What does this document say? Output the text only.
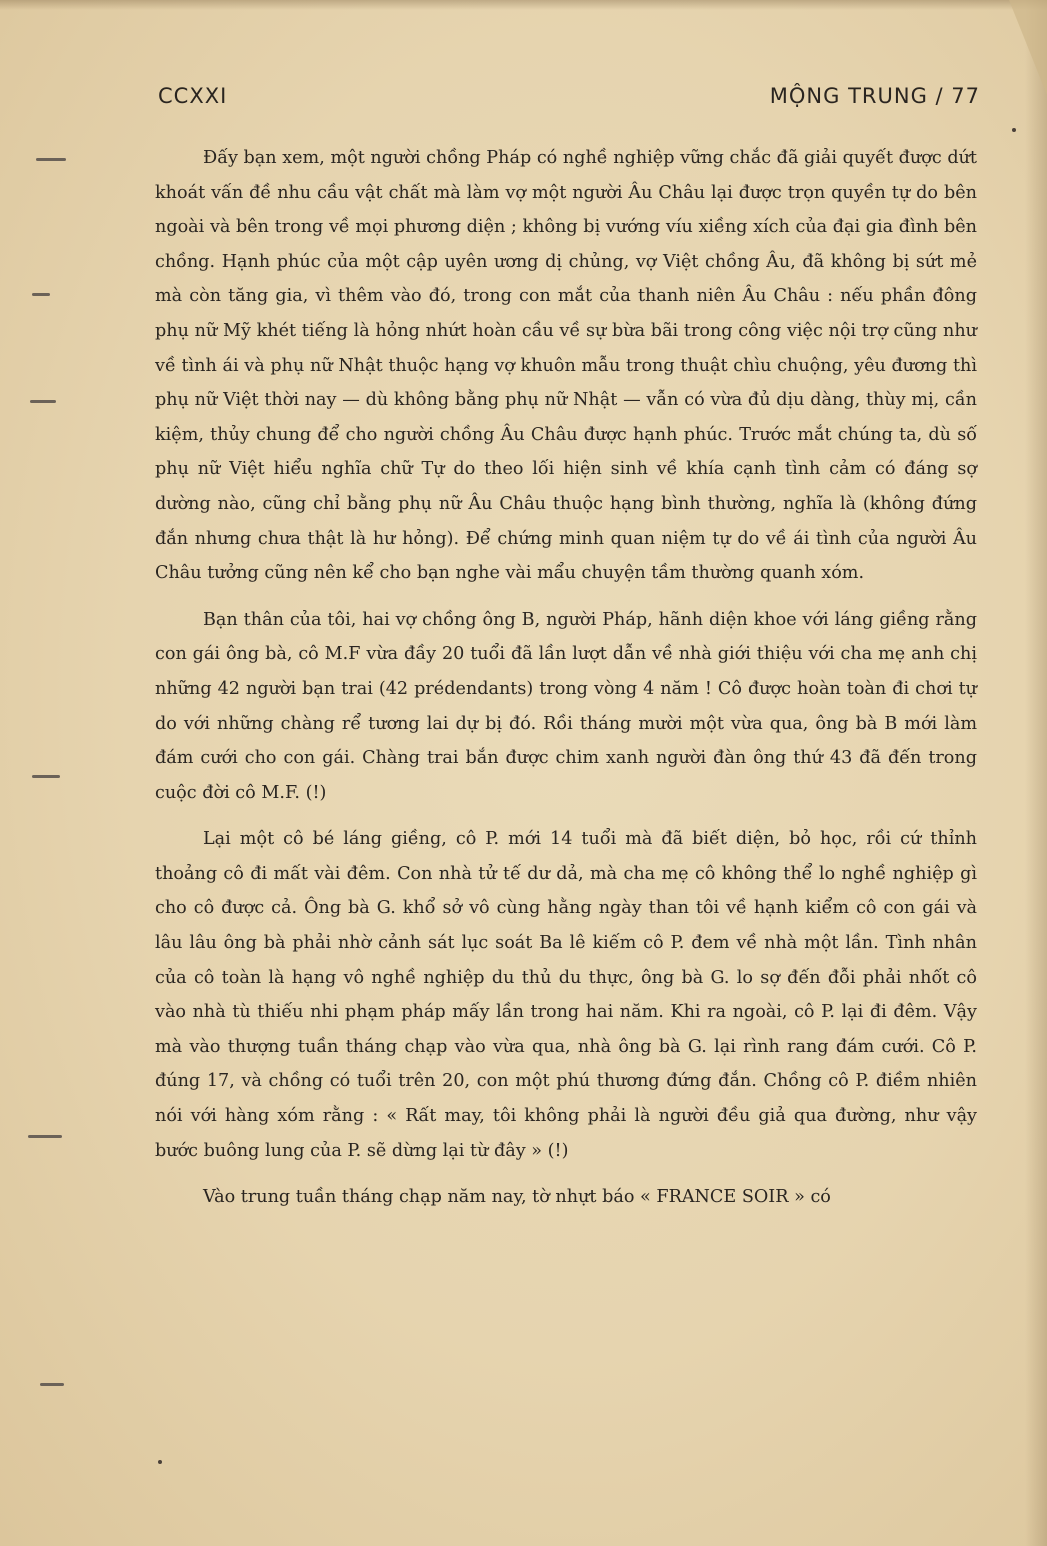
CCXXI	MỘNG TRUNG / 77

Đấy bạn xem, một người chồng Pháp có nghề nghiệp vững chắc đã giải quyết được dứt khoát vấn đề nhu cầu vật chất mà làm vợ một người Âu Châu lại được trọn quyền tự do bên ngoài và bên trong về mọi phương diện ; không bị vướng víu xiềng xích của đại gia đình bên chồng. Hạnh phúc của một cập uyên ương dị chủng, vợ Việt chồng Âu, đã không bị sứt mẻ mà còn tăng gia, vì thêm vào đó, trong con mắt của thanh niên Âu Châu : nếu phần đông phụ nữ Mỹ khét tiếng là hỏng nhứt hoàn cầu về sự bừa bãi trong công việc nội trợ cũng như về tình ái và phụ nữ Nhật thuộc hạng vợ khuôn mẫu trong thuật chìu chuộng, yêu đương thì phụ nữ Việt thời nay — dù không bằng phụ nữ Nhật — vẫn có vừa đủ dịu dàng, thùy mị, cần kiệm, thủy chung để cho người chồng Âu Châu được hạnh phúc. Trước mắt chúng ta, dù số phụ nữ Việt hiểu nghĩa chữ Tự do theo lối hiện sinh về khía cạnh tình cảm có đáng sợ dường nào, cũng chỉ bằng phụ nữ Âu Châu thuộc hạng bình thường, nghĩa là (không đứng đắn nhưng chưa thật là hư hỏng). Để chứng minh quan niệm tự do về ái tình của người Âu Châu tưởng cũng nên kể cho bạn nghe vài mẩu chuyện tầm thường quanh xóm.

Bạn thân của tôi, hai vợ chồng ông B, người Pháp, hãnh diện khoe với láng giềng rằng con gái ông bà, cô M.F vừa đầy 20 tuổi đã lần lượt dẫn về nhà giới thiệu với cha mẹ anh chị những 42 người bạn trai (42 prédendants) trong vòng 4 năm ! Cô được hoàn toàn đi chơi tự do với những chàng rể tương lai dự bị đó. Rồi tháng mười một vừa qua, ông bà B mới làm đám cưới cho con gái. Chàng trai bắn được chim xanh người đàn ông thứ 43 đã đến trong cuộc đời cô M.F. (!)

Lại một cô bé láng giềng, cô P. mới 14 tuổi mà đã biết diện, bỏ học, rồi cứ thỉnh thoảng cô đi mất vài đêm. Con nhà tử tế dư dả, mà cha mẹ cô không thể lo nghề nghiệp gì cho cô được cả. Ông bà G. khổ sở vô cùng hằng ngày than tôi về hạnh kiểm cô con gái và lâu lâu ông bà phải nhờ cảnh sát lục soát Ba lê kiếm cô P. đem về nhà một lần. Tình nhân của cô toàn là hạng vô nghề nghiệp du thủ du thực, ông bà G. lo sợ đến đỗi phải nhốt cô vào nhà tù thiếu nhi phạm pháp mấy lần trong hai năm. Khi ra ngoài, cô P. lại đi đêm. Vậy mà vào thượng tuần tháng chạp vào vừa qua, nhà ông bà G. lại rình rang đám cưới. Cô P. đúng 17, và chồng có tuổi trên 20, con một phú thương đứng đắn. Chồng cô P. điềm nhiên nói với hàng xóm rằng : « Rất may, tôi không phải là người đều giả qua đường, như vậy bước buông lung của P. sẽ dừng lại từ đây » (!)

Vào trung tuần tháng chạp năm nay, tờ nhựt báo « FRANCE SOIR » có
